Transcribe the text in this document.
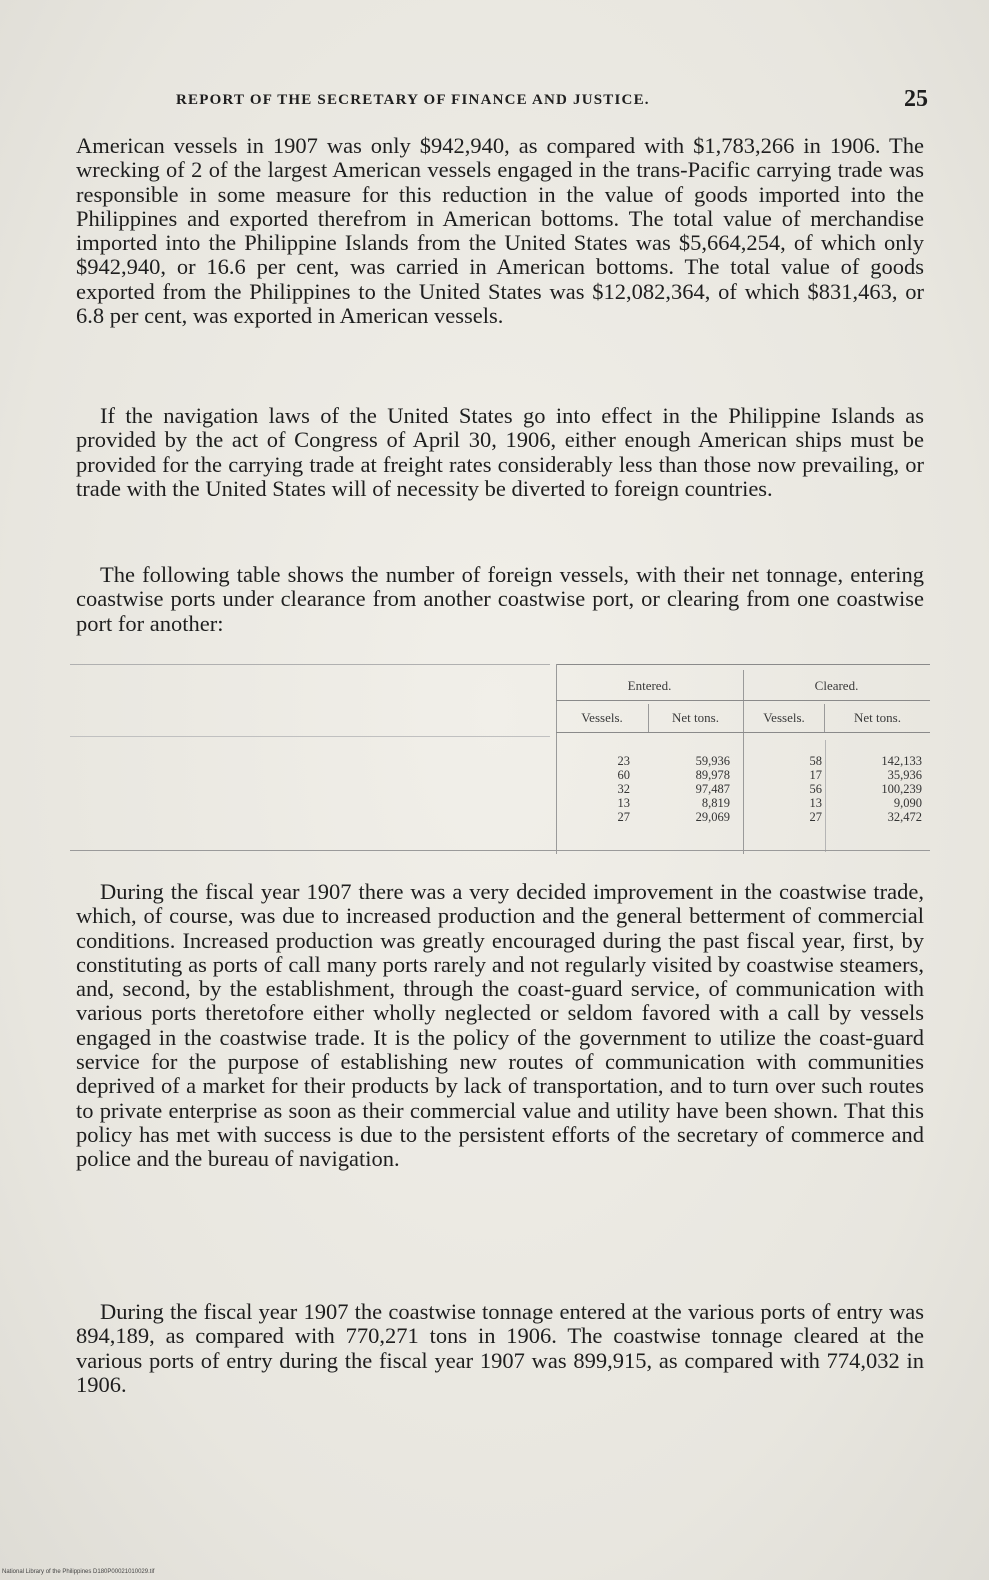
REPORT OF THE SECRETARY OF FINANCE AND JUSTICE.	25

American vessels in 1907 was only $942,940, as compared with $1,783,266 in 1906. The wrecking of 2 of the largest American vessels engaged in the trans-Pacific carrying trade was responsible in some measure for this reduction in the value of goods imported into the Philippines and exported therefrom in American bottoms. The total value of merchandise imported into the Philippine Islands from the United States was $5,664,254, of which only $942,940, or 16.6 per cent, was carried in American bottoms. The total value of goods exported from the Philippines to the United States was $12,082,364, of which $831,463, or 6.8 per cent, was exported in American vessels.

If the navigation laws of the United States go into effect in the Philippine Islands as provided by the act of Congress of April 30, 1906, either enough American ships must be provided for the carrying trade at freight rates considerably less than those now prevailing, or trade with the United States will of necessity be diverted to foreign countries.

The following table shows the number of foreign vessels, with their net tonnage, entering coastwise ports under clearance from another coastwise port, or clearing from one coastwise port for another:

Entered.	Cleared.
Vessels.	Net tons.	Vessels.	Net tons.
23	59,936	58	142,133
60	89,978	17	35,936
32	97,487	56	100,239
13	8,819	13	9,090
27	29,069	27	32,472

During the fiscal year 1907 there was a very decided improvement in the coastwise trade, which, of course, was due to increased production and the general betterment of commercial conditions. Increased production was greatly encouraged during the past fiscal year, first, by constituting as ports of call many ports rarely and not regularly visited by coastwise steamers, and, second, by the establishment, through the coast-guard service, of communication with various ports theretofore either wholly neglected or seldom favored with a call by vessels engaged in the coastwise trade. It is the policy of the government to utilize the coast-guard service for the purpose of establishing new routes of communication with communities deprived of a market for their products by lack of transportation, and to turn over such routes to private enterprise as soon as their commercial value and utility have been shown. That this policy has met with success is due to the persistent efforts of the secretary of commerce and police and the bureau of navigation.

During the fiscal year 1907 the coastwise tonnage entered at the various ports of entry was 894,189, as compared with 770,271 tons in 1906. The coastwise tonnage cleared at the various ports of entry during the fiscal year 1907 was 899,915, as compared with 774,032 in 1906.

National Library of the Philippines D180P00021010029.tif
